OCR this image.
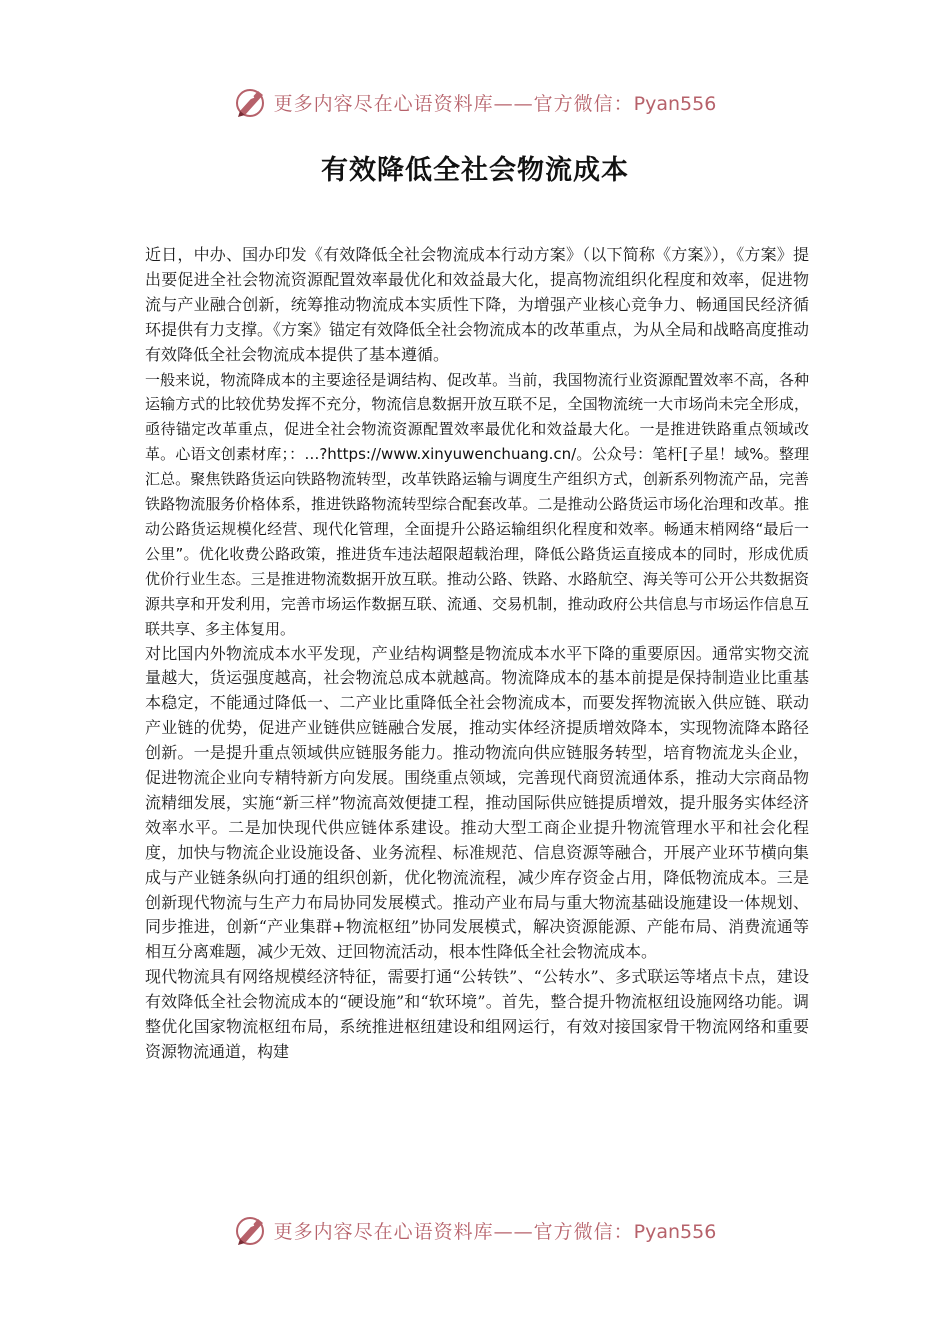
更多内容尽在心语资料库——官方微信：Pyan556
有效降低全社会物流成本

近日，中办、国办印发《有效降低全社会物流成本行动方案》（以下简称《方案》），《方案》提出要促进全社会物流资源配置效率最优化和效益最大化，提高物流组织化程度和效率，促进物流与产业融合创新，统筹推动物流成本实质性下降，为增强产业核心竞争力、畅通国民经济循环提供有力支撑。《方案》锚定有效降低全社会物流成本的改革重点，为从全局和战略高度推动有效降低全社会物流成本提供了基本遵循。

一般来说，物流降成本的主要途径是调结构、促改革。当前，我国物流行业资源配置效率不高，各种运输方式的比较优势发挥不充分，物流信息数据开放互联不足，全国物流统一大市场尚未完全形成，亟待锚定改革重点，促进全社会物流资源配置效率最优化和效益最大化。一是推进铁路重点领域改革。心语文创素材库；：…?https://www.xinyuwenchuang.cn/。公众号：笔杆[子星！域%。整理汇总。聚焦铁路货运向铁路物流转型，改革铁路运输与调度生产组织方式，创新系列物流产品，完善铁路物流服务价格体系，推进铁路物流转型综合配套改革。二是推动公路货运市场化治理和改革。推动公路货运规模化经营、现代化管理，全面提升公路运输组织化程度和效率。畅通末梢网络“最后一公里”。优化收费公路政策，推进货车违法超限超载治理，降低公路货运直接成本的同时，形成优质优价行业生态。三是推进物流数据开放互联。推动公路、铁路、水路航空、海关等可公开公共数据资源共享和开发利用，完善市场运作数据互联、流通、交易机制，推动政府公共信息与市场运作信息互联共享、多主体复用。

对比国内外物流成本水平发现，产业结构调整是物流成本水平下降的重要原因。通常实物交流量越大，货运强度越高，社会物流总成本就越高。物流降成本的基本前提是保持制造业比重基本稳定，不能通过降低一、二产业比重降低全社会物流成本，而要发挥物流嵌入供应链、联动产业链的优势，促进产业链供应链融合发展，推动实体经济提质增效降本，实现物流降本路径创新。一是提升重点领域供应链服务能力。推动物流向供应链服务转型，培育物流龙头企业，促进物流企业向专精特新方向发展。围绕重点领域，完善现代商贸流通体系，推动大宗商品物流精细发展，实施“新三样”物流高效便捷工程，推动国际供应链提质增效，提升服务实体经济效率水平。二是加快现代供应链体系建设。推动大型工商企业提升物流管理水平和社会化程度，加快与物流企业设施设备、业务流程、标准规范、信息资源等融合，开展产业环节横向集成与产业链条纵向打通的组织创新，优化物流流程，减少库存资金占用，降低物流成本。三是创新现代物流与生产力布局协同发展模式。推动产业布局与重大物流基础设施建设一体规划、同步推进，创新“产业集群+物流枢纽”协同发展模式，解决资源能源、产能布局、消费流通等相互分离难题，减少无效、迂回物流活动，根本性降低全社会物流成本。

现代物流具有网络规模经济特征，需要打通“公转铁”、“公转水”、多式联运等堵点卡点，建设有效降低全社会物流成本的“硬设施”和“软环境”。首先，整合提升物流枢纽设施网络功能。调整优化国家物流枢纽布局，系统推进枢纽建设和组网运行，有效对接国家骨干物流网络和重要资源物流通道，构建

更多内容尽在心语资料库——官方微信：Pyan556
